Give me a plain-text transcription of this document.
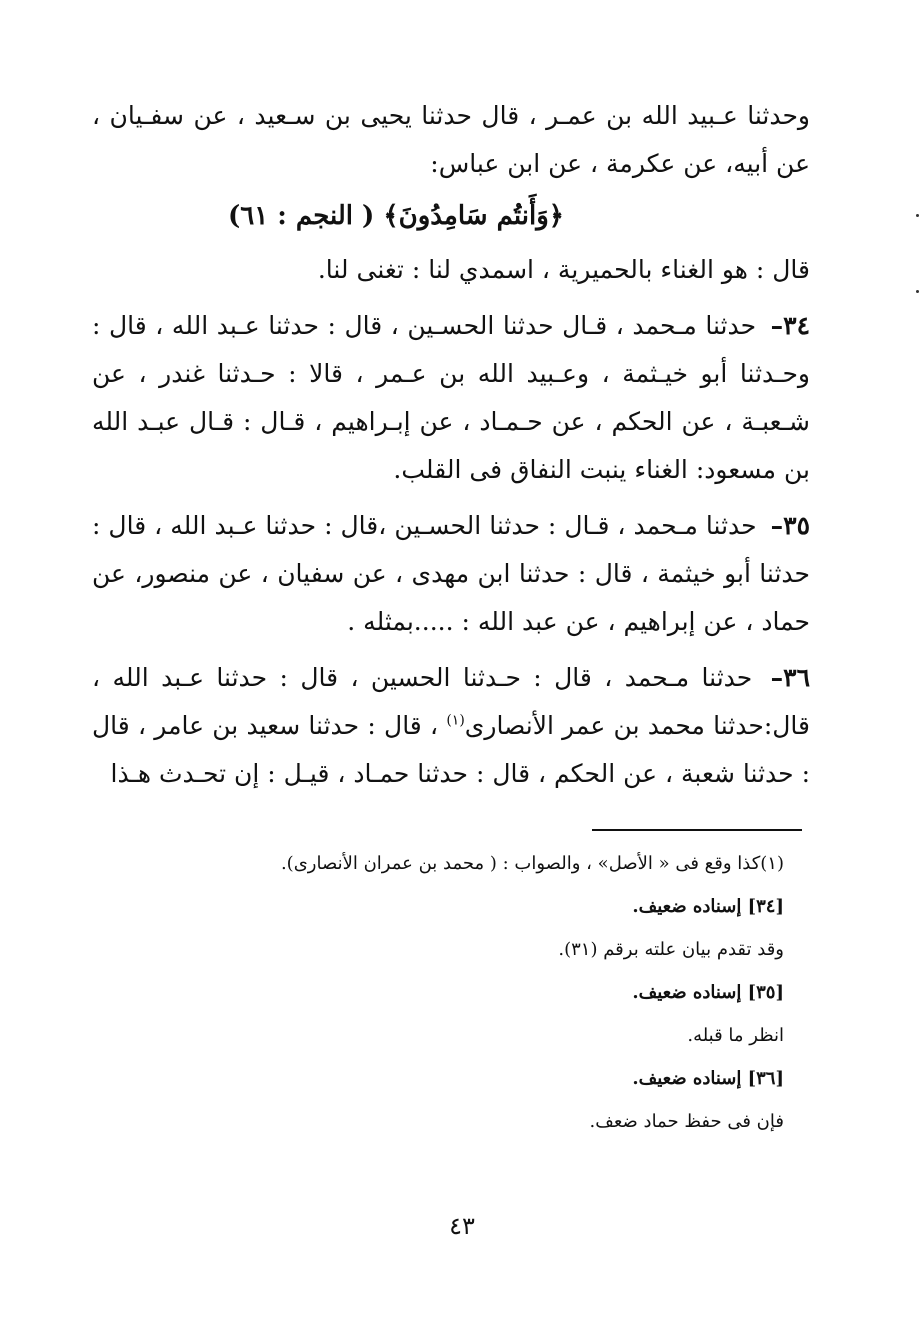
وحدثنا عـبيد الله بن عمـر ، قال حدثنا يحيى بن سـعيد ، عن سفـيان ، عن أبيه، عن عكرمة ، عن ابن عباس:

﴿وَأَنتُم سَامِدُونَ﴾ ( النجم : ٦١)

قال : هو الغناء بالحميرية ، اسمدي لنا : تغنى لنا.

٣٤– حدثنا مـحمد ، قـال حدثنا الحسـين ، قال : حدثنا عـبد الله ، قال : وحـدثنا أبو خيـثمة ، وعـبيد الله بن عـمر ، قالا : حـدثنا غندر ، عن شـعبـة ، عن الحكم ، عن حـمـاد ، عن إبـراهيم ، قـال : قـال عبـد الله بن مسعود: الغناء ينبت النفاق فى القلب.

٣٥– حدثنا مـحمد ، قـال : حدثنا الحسـين ،قال : حدثنا عـبد الله ، قال : حدثنا أبو خيثمة ، قال : حدثنا ابن مهدى ، عن سفيان ، عن منصور، عن حماد ، عن إبراهيم ، عن عبد الله : .....بمثله .

٣٦– حدثنا مـحمد ، قال : حـدثنا الحسين ، قال : حدثنا عـبد الله ، قال:حدثنا محمد بن عمر الأنصارى$^{(١)}$ ، قال : حدثنا سعيد بن عامر ، قال : حدثنا شعبة ، عن الحكم ، قال : حدثنا حمـاد ، قيـل : إن تحـدث هـذا

(١)كذا وقع فى « الأصل» ، والصواب : ( محمد بن عمران الأنصارى).

[٣٤] إسناده ضعيف.

وقد تقدم بيان علته برقم (٣١).

[٣٥] إسناده ضعيف.

انظر ما قبله.

[٣٦] إسناده ضعيف.

فإن فى حفظ حماد ضعف.

٤٣
